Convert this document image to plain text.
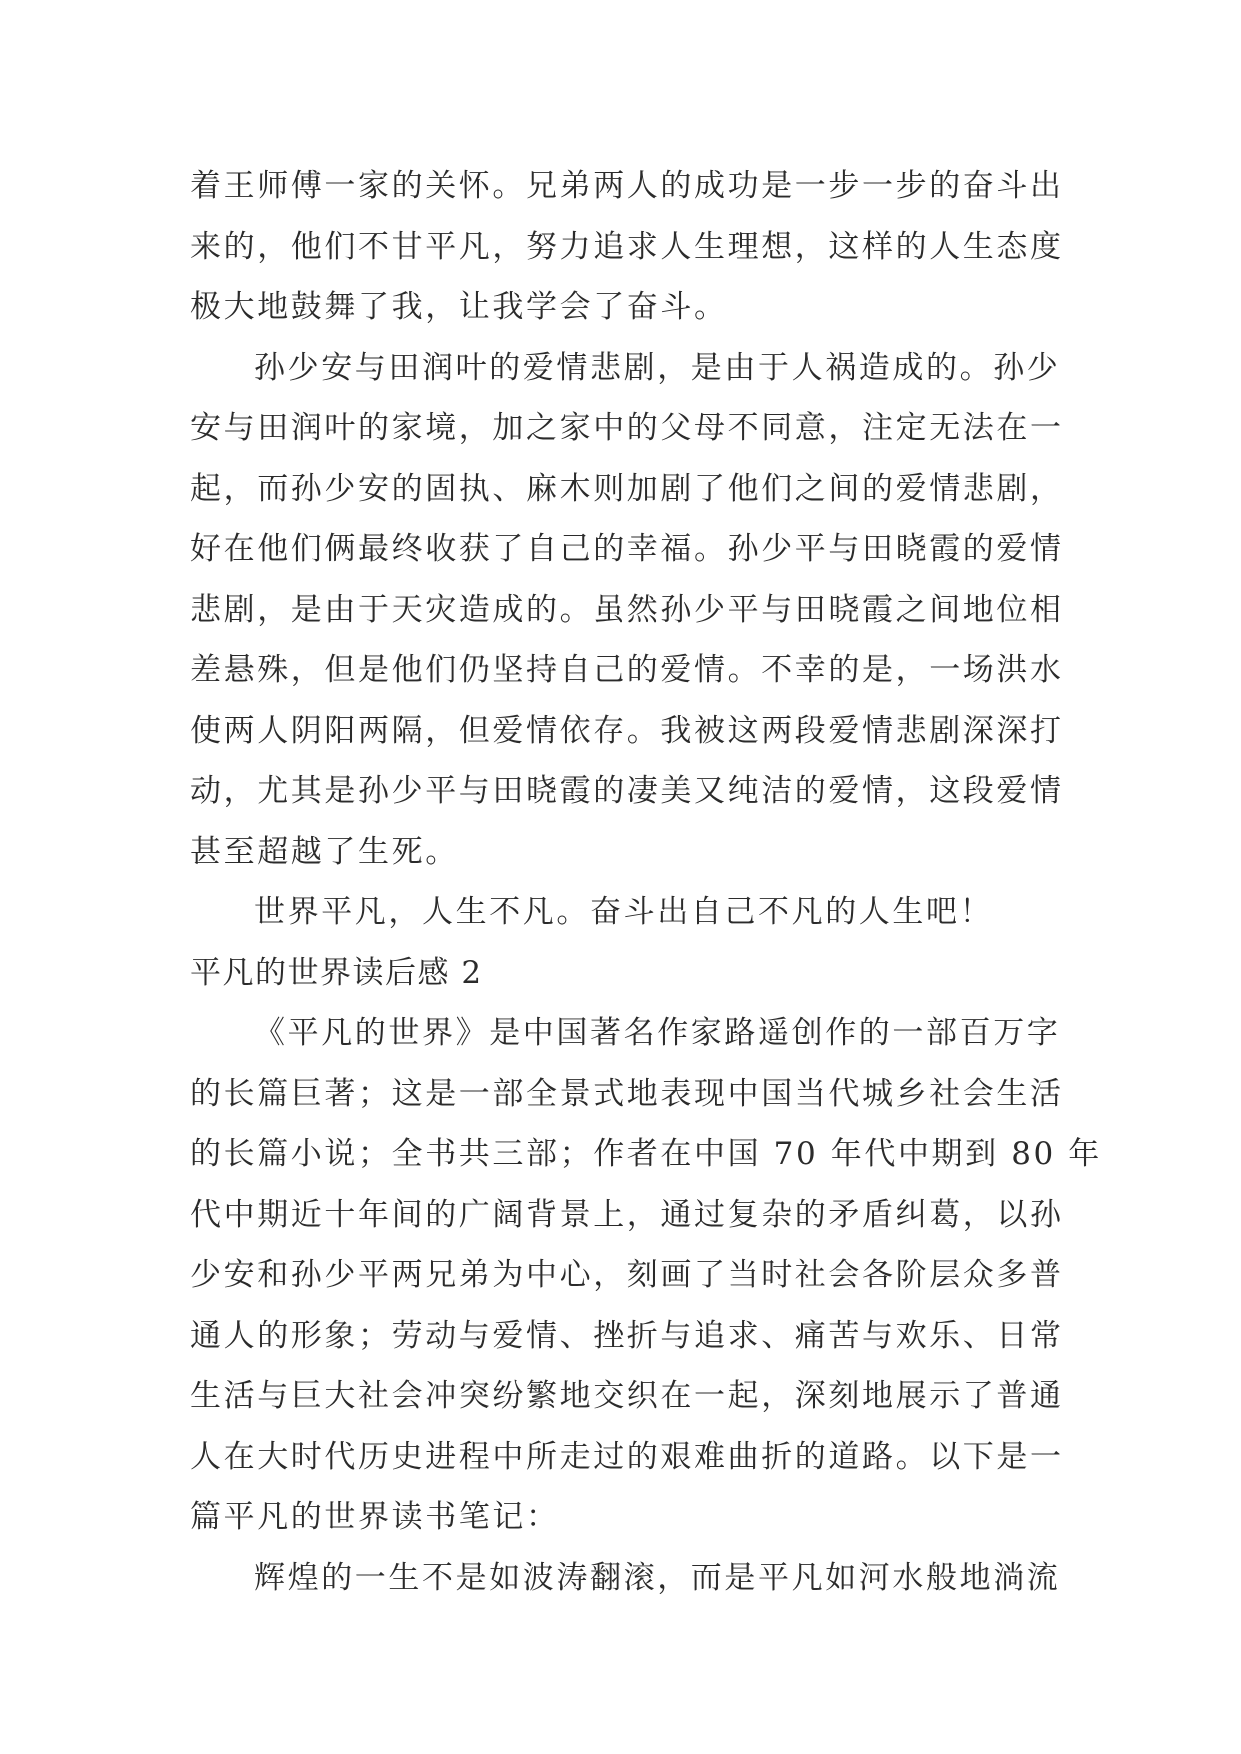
着王师傅一家的关怀。兄弟两人的成功是一步一步的奋斗出
来的，他们不甘平凡，努力追求人生理想，这样的人生态度
极大地鼓舞了我，让我学会了奋斗。
孙少安与田润叶的爱情悲剧，是由于人祸造成的。孙少
安与田润叶的家境，加之家中的父母不同意，注定无法在一
起，而孙少安的固执、麻木则加剧了他们之间的爱情悲剧，
好在他们俩最终收获了自己的幸福。孙少平与田晓霞的爱情
悲剧，是由于天灾造成的。虽然孙少平与田晓霞之间地位相
差悬殊，但是他们仍坚持自己的爱情。不幸的是，一场洪水
使两人阴阳两隔，但爱情依存。我被这两段爱情悲剧深深打
动，尤其是孙少平与田晓霞的凄美又纯洁的爱情，这段爱情
甚至超越了生死。
世界平凡，人生不凡。奋斗出自己不凡的人生吧！
平凡的世界读后感 2
《平凡的世界》是中国著名作家路遥创作的一部百万字
的长篇巨著；这是一部全景式地表现中国当代城乡社会生活
的长篇小说；全书共三部；作者在中国 70 年代中期到 80 年
代中期近十年间的广阔背景上，通过复杂的矛盾纠葛，以孙
少安和孙少平两兄弟为中心，刻画了当时社会各阶层众多普
通人的形象；劳动与爱情、挫折与追求、痛苦与欢乐、日常
生活与巨大社会冲突纷繁地交织在一起，深刻地展示了普通
人在大时代历史进程中所走过的艰难曲折的道路。以下是一
篇平凡的世界读书笔记：
辉煌的一生不是如波涛翻滚，而是平凡如河水般地淌流
